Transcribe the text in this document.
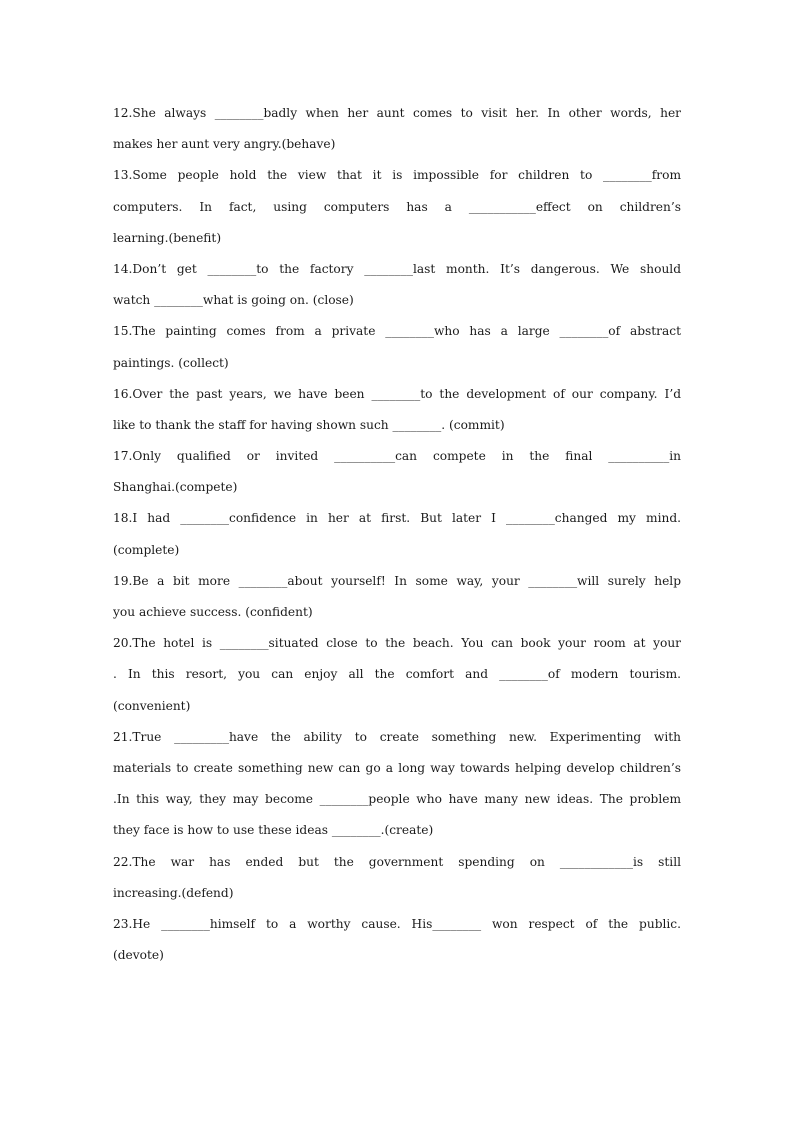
12.She always ________badly when her aunt comes to visit her. In other words, her
makes her aunt very angry.(behave)
13.Some people hold the view that it is impossible for children to ________from
computers. In fact, using computers has a ___________effect on children’s
learning.(benefit)
14.Don’t get ________to the factory ________last month. It’s dangerous. We should
watch ________what is going on. (close)
15.The painting comes from a private ________who has a large ________of abstract
paintings. (collect)
16.Over the past years, we have been ________to the development of our company. I’d
like to thank the staff for having shown such ________. (commit)
17.Only qualified or invited __________can compete in the final __________in
Shanghai.(compete)
18.I had ________confidence in her at first. But later I ________changed my mind.
(complete)
19.Be a bit more ________about yourself! In some way, your ________will surely help
you achieve success. (confident)
20.The hotel is ________situated close to the beach. You can book your room at your
. In this resort, you can enjoy all the comfort and ________of modern tourism.
(convenient)
21.True _________have the ability to create something new. Experimenting with
materials to create something new can go a long way towards helping develop children’s
.In this way, they may become ________people who have many new ideas. The problem
they face is how to use these ideas ________.(create)
22.The war has ended but the government spending on ____________is still
increasing.(defend)
23.He ________himself to a worthy cause. His________ won respect of the public.
(devote)
